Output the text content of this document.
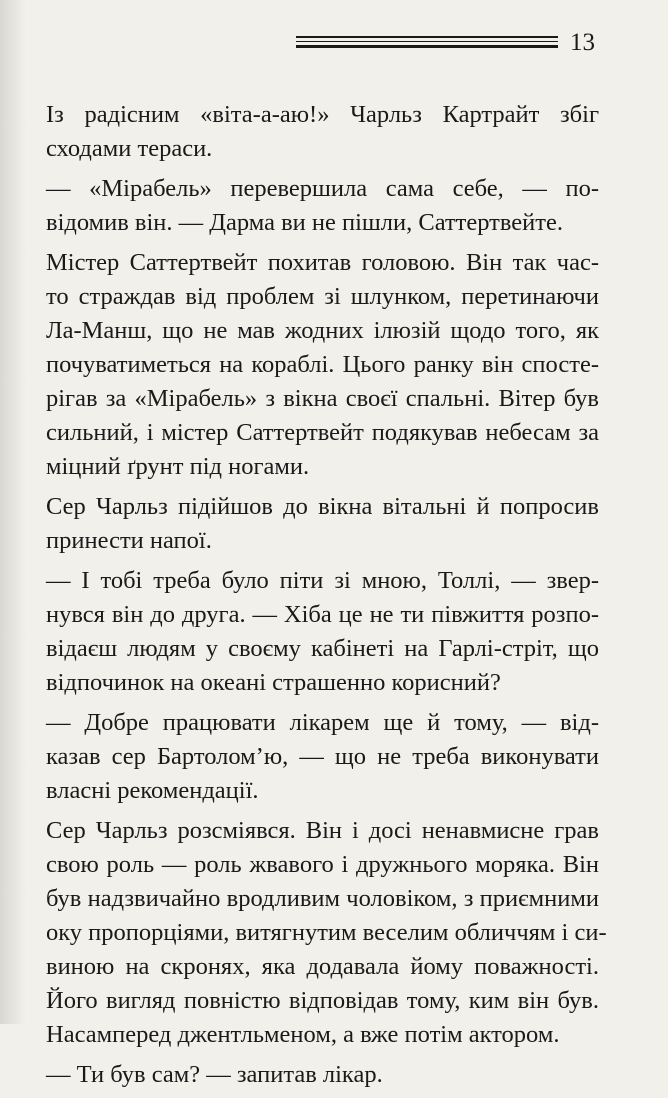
13

Із радісним «віта-а-аю!» Чарльз Картрайт збіг
сходами тераси.

— «Мірабель» перевершила сама себе, — по-
відомив він. — Дарма ви не пішли, Саттертвейте.

Містер Саттертвейт похитав головою. Він так час-
то страждав від проблем зі шлунком, перетинаючи
Ла-Манш, що не мав жодних ілюзій щодо того, як
почуватиметься на кораблі. Цього ранку він спосте-
рігав за «Мірабель» з вікна своєї спальні. Вітер був
сильний, і містер Саттертвейт подякував небесам за
міцний ґрунт під ногами.

Сер Чарльз підійшов до вікна вітальні й попросив
принести напої.

— І тобі треба було піти зі мною, Толлі, — звер-
нувся він до друга. — Хіба це не ти півжиття розпо-
відаєш людям у своєму кабінеті на Гарлі-стріт, що
відпочинок на океані страшенно корисний?

— Добре працювати лікарем ще й тому, — від-
казав сер Бартоломʼю, — що не треба виконувати
власні рекомендації.

Сер Чарльз розсміявся. Він і досі ненавмисне грав
свою роль — роль жвавого і дружнього моряка. Він
був надзвичайно вродливим чоловіком, з приємними
оку пропорціями, витягнутим веселим обличчям і си-
виною на скронях, яка додавала йому поважності.
Його вигляд повністю відповідав тому, ким він був.
Насамперед джентльменом, а вже потім актором.

— Ти був сам? — запитав лікар.
